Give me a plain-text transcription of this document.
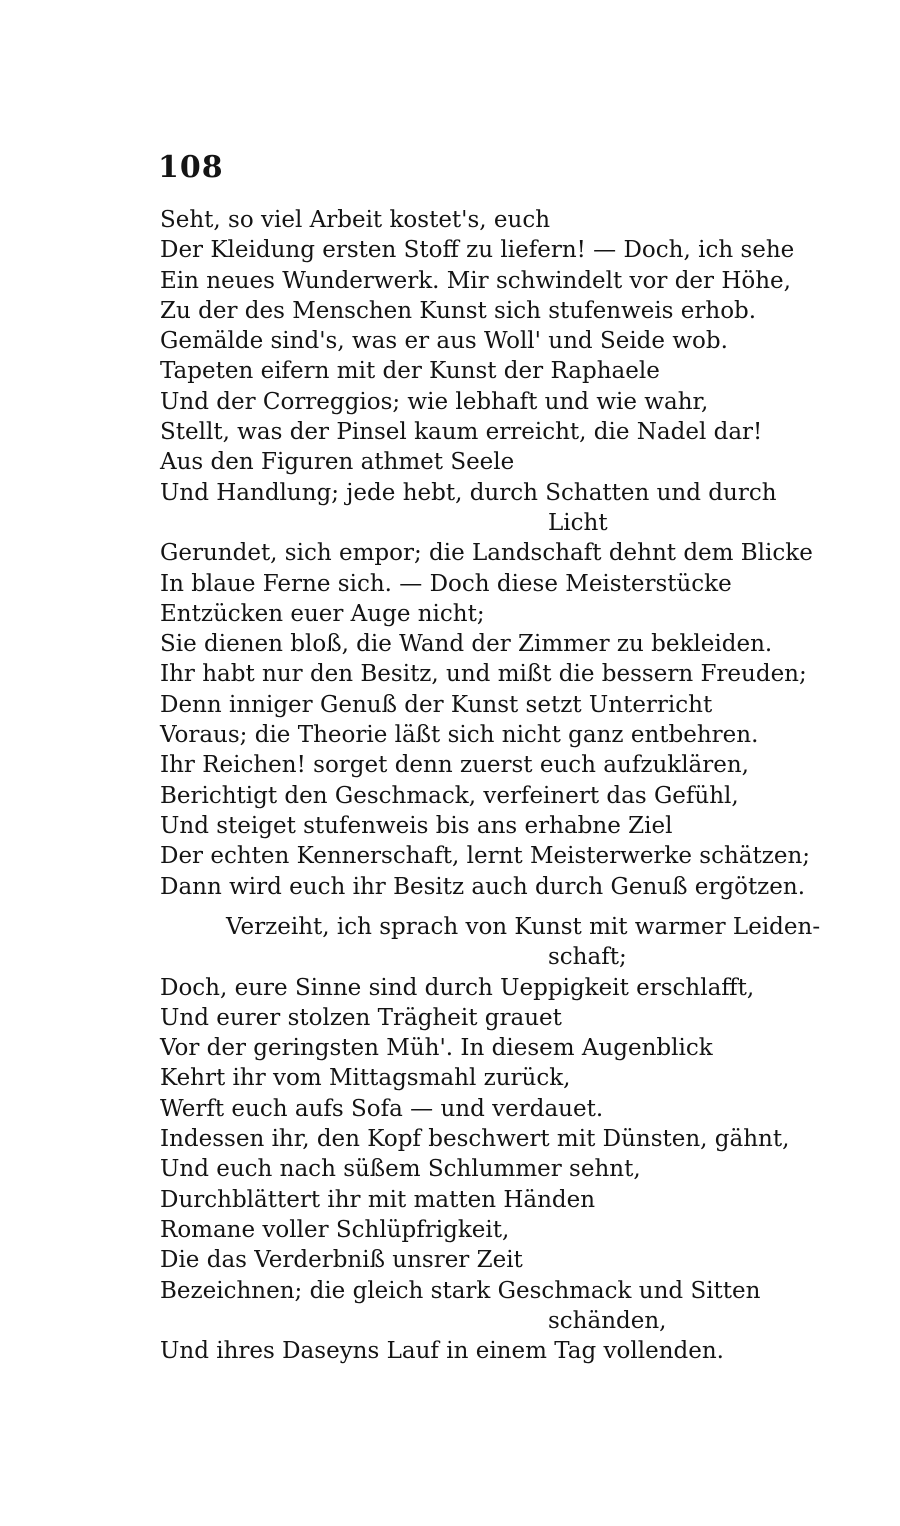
108
Seht, so viel Arbeit kostet's, euch
Der Kleidung ersten Stoff zu liefern! — Doch, ich sehe
Ein neues Wunderwerk. Mir schwindelt vor der Höhe,
Zu der des Menschen Kunst sich stufenweis erhob.
Gemälde sind's, was er aus Woll' und Seide wob.
Tapeten eifern mit der Kunst der Raphaele
Und der Correggios; wie lebhaft und wie wahr,
Stellt, was der Pinsel kaum erreicht, die Nadel dar!
Aus den Figuren athmet Seele
Und Handlung; jede hebt, durch Schatten und durch
Licht
Gerundet, sich empor; die Landschaft dehnt dem Blicke
In blaue Ferne sich. — Doch diese Meisterstücke
Entzücken euer Auge nicht;
Sie dienen bloß, die Wand der Zimmer zu bekleiden.
Ihr habt nur den Besitz, und mißt die bessern Freuden;
Denn inniger Genuß der Kunst setzt Unterricht
Voraus; die Theorie läßt sich nicht ganz entbehren.
Ihr Reichen! sorget denn zuerst euch aufzuklären,
Berichtigt den Geschmack, verfeinert das Gefühl,
Und steiget stufenweis bis ans erhabne Ziel
Der echten Kennerschaft, lernt Meisterwerke schätzen;
Dann wird euch ihr Besitz auch durch Genuß ergötzen.
Verzeiht, ich sprach von Kunst mit warmer Leiden-
schaft;
Doch, eure Sinne sind durch Ueppigkeit erschlafft,
Und eurer stolzen Trägheit grauet
Vor der geringsten Müh'. In diesem Augenblick
Kehrt ihr vom Mittagsmahl zurück,
Werft euch aufs Sofa — und verdauet.
Indessen ihr, den Kopf beschwert mit Dünsten, gähnt,
Und euch nach süßem Schlummer sehnt,
Durchblättert ihr mit matten Händen
Romane voller Schlüpfrigkeit,
Die das Verderbniß unsrer Zeit
Bezeichnen; die gleich stark Geschmack und Sitten
schänden,
Und ihres Daseyns Lauf in einem Tag vollenden.
